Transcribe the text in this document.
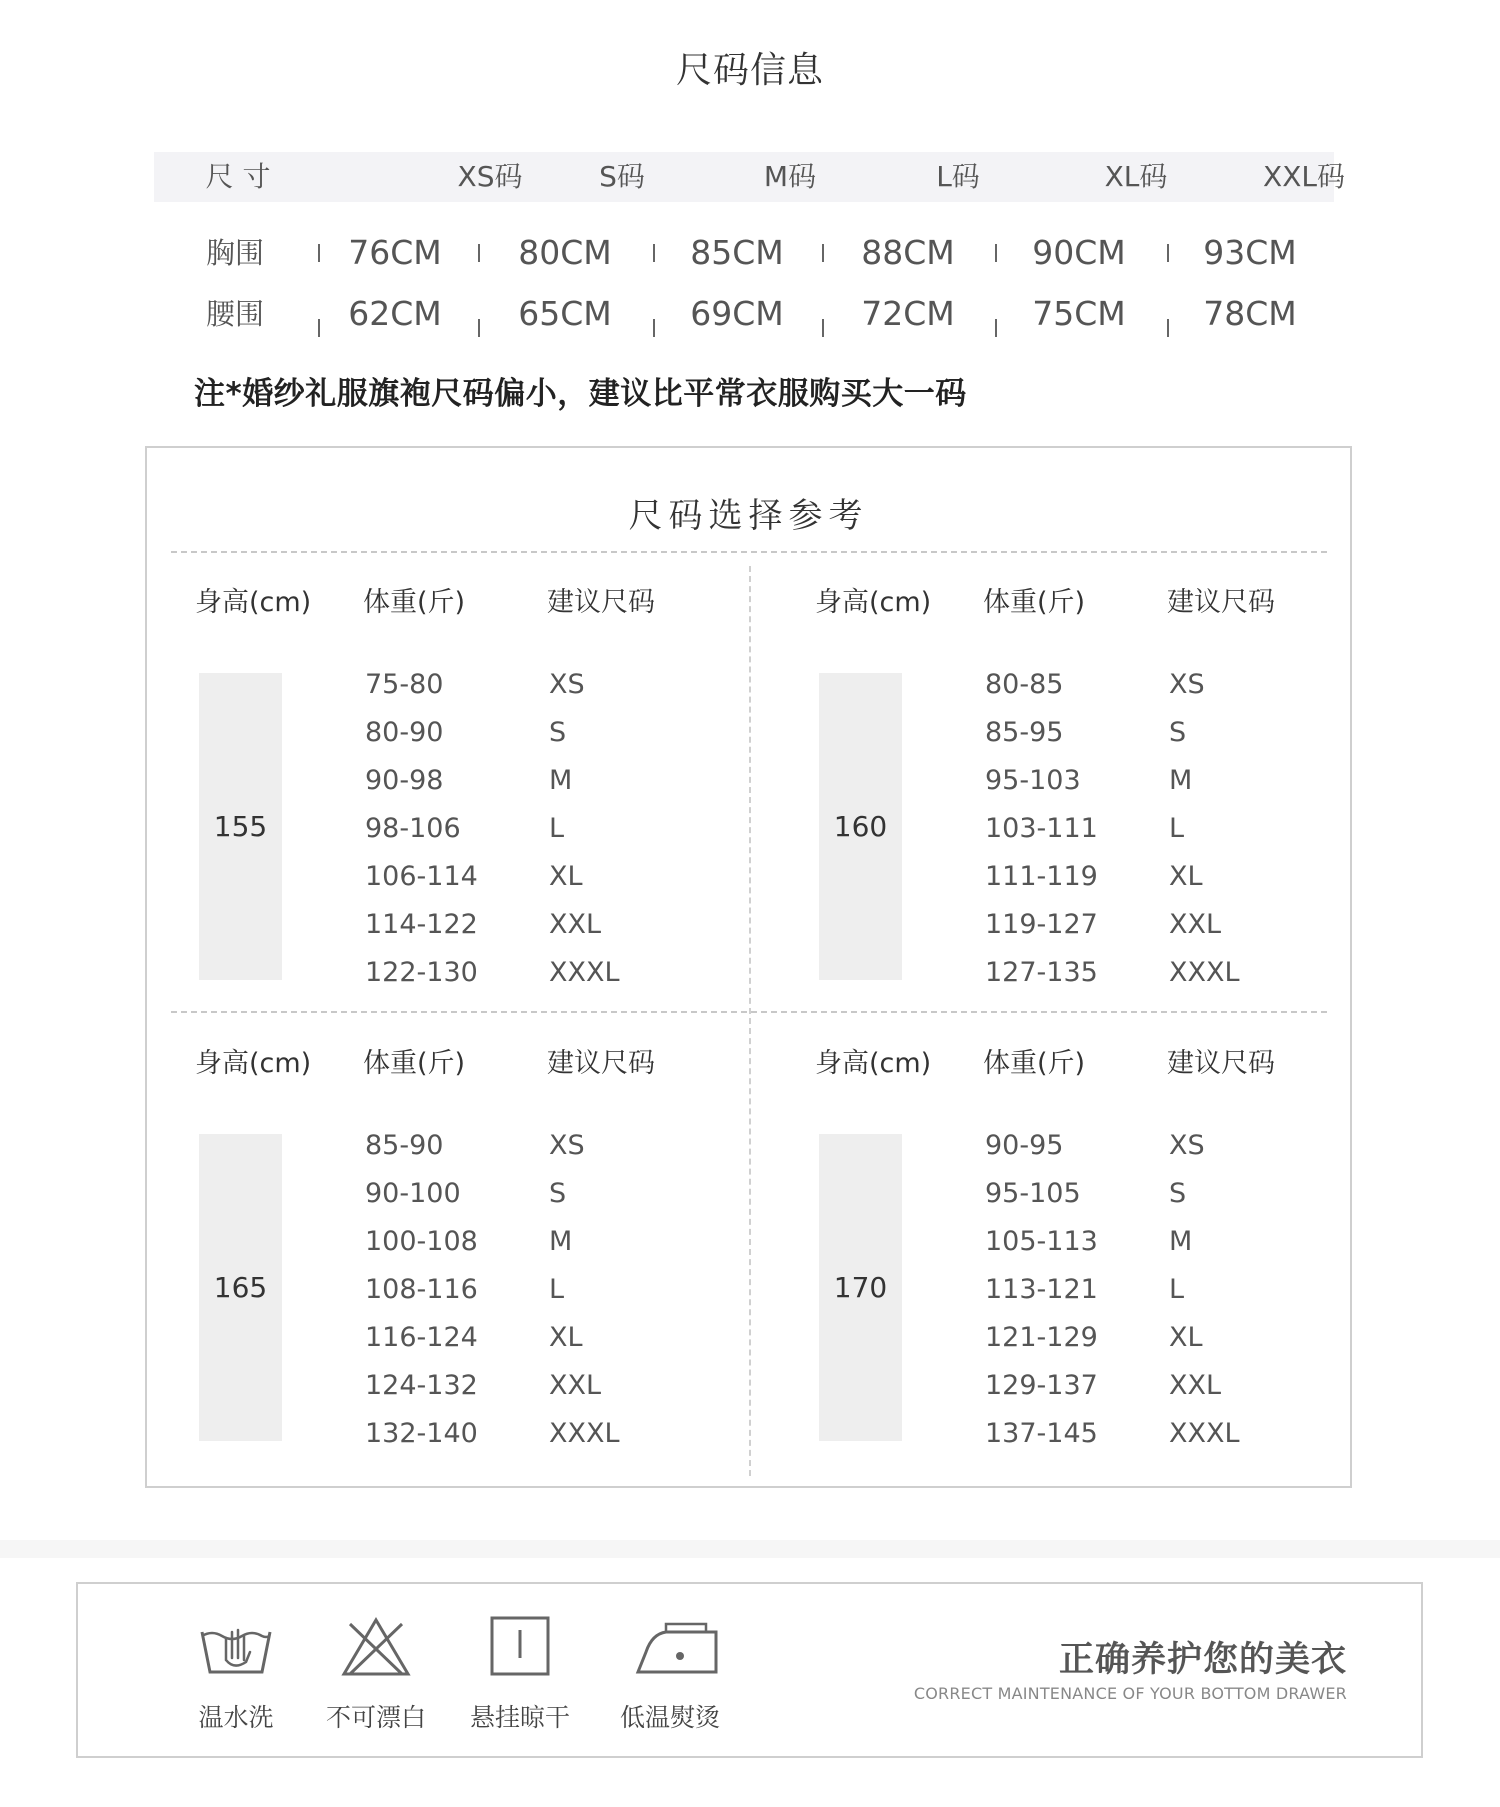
尺码信息
尺 寸	XS码	S码	M码	L码	XL码	XXL码
胸围	76CM	80CM	85CM	88CM	90CM	93CM
腰围	62CM	65CM	69CM	72CM	75CM	78CM
注*婚纱礼服旗袍尺码偏小，建议比平常衣服购买大一码
尺码选择参考
身高(cm) 体重(斤)	建议尺码
155
75-80	XS
80-90	S
90-98	M
98-106	L
106-114	XL
114-122	XXL
122-130	XXXL
身高(cm) 体重(斤)	建议尺码
160
80-85	XS
85-95	S
95-103	M
103-111	L
111-119	XL
119-127	XXL
127-135	XXXL
身高(cm) 体重(斤)	建议尺码
165
85-90	XS
90-100	S
100-108	M
108-116	L
116-124	XL
124-132	XXL
132-140	XXXL
身高(cm) 体重(斤)	建议尺码
170
90-95	XS
95-105	S
105-113	M
113-121	L
121-129	XL
129-137	XXL
137-145	XXXL
温水洗	不可漂白	悬挂晾干	低温熨烫
正确养护您的美衣
CORRECT MAINTENANCE OF YOUR BOTTOM DRAWER
